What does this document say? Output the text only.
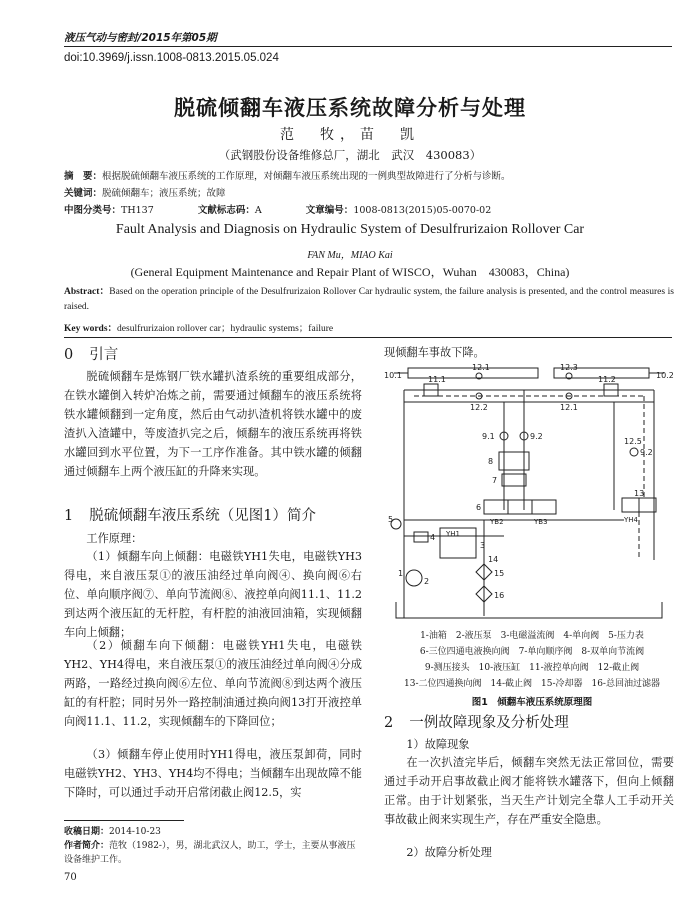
液压气动与密封/2015年第05期
doi:10.3969/j.issn.1008-0813.2015.05.024
脱硫倾翻车液压系统故障分析与处理
范　牧，苗　凯
（武钢股份设备维修总厂，湖北　武汉　430083）
摘　要：根据脱硫倾翻车液压系统的工作原理，对倾翻车液压系统出现的一例典型故障进行了分析与诊断。
关键词：脱硫倾翻车；液压系统；故障
中图分类号：TH137	文献标志码：A	文章编号：1008-0813(2015)05-0070-02
Fault Analysis and Diagnosis on Hydraulic System of Desulfrurizaion Rollover Car
FAN Mu，MIAO Kai
(General Equipment Maintenance and Repair Plant of WISCO，Wuhan　430083，China)
Abstract：Based on the operation principle of the Desulfrurizaion Rollover Car hydraulic system, the failure analysis is presented, and the control measures is raised.
Key words：desulfrurizaion rollover car；hydraulic systems；failure
0 引言
脱硫倾翻车是炼钢厂铁水罐扒渣系统的重要组成部分，在铁水罐倒入转炉冶炼之前，需要通过倾翻车的液压系统将铁水罐倾翻到一定角度，然后由气动扒渣机将铁水罐中的废渣扒入渣罐中，等废渣扒完之后，倾翻车的液压系统再将铁水罐回到水平位置，为下一工序作准备。其中铁水罐的倾翻通过倾翻车上两个液压缸的升降来实现。
1 脱硫倾翻车液压系统（见图1）简介
工作原理：
（1）倾翻车向上倾翻：电磁铁YH1失电，电磁铁YH3得电，来自液压泵①的液压油经过单向阀④、换向阀⑥右位、单向顺序阀⑦、单向节流阀⑧、液控单向阀11.1、11.2到达两个液压缸的无杆腔，有杆腔的油液回油箱，实现倾翻车向上倾翻；
（2）倾翻车向下倾翻：电磁铁YH1失电，电磁铁YH2、YH4得电，来自液压泵①的液压油经过单向阀④分成两路，一路经过换向阀⑥左位、单向节流阀⑧到达两个液压缸的有杆腔；同时另外一路控制油通过换向阀13打开液控单向阀11.1、11.2，实现倾翻车的下降回位；
（3）倾翻车停止使用时YH1得电，液压泵卸荷，同时电磁铁YH2、YH3、YH4均不得电；当倾翻车出现故障不能下降时，可以通过手动开启常闭截止阀12.5，实
收稿日期：2014-10-23
作者简介：范牧（1982-），男，湖北武汉人，助工，学士，主要从事液压设备维护工作。
70
现倾翻车事故下降。
10.1	10.2
11.1	11.2
12.1	12.3
12.2	12.1
12.5
9.1	9.2
9.2
8
7
6
5
4
3
2
1
13
14
15
16
YB2	YB3	YH4
YH1
1-油箱　2-液压泵　3-电磁溢流阀　4-单向阀　5-压力表
6-三位四通电液换向阀　7-单向顺序阀　8-双单向节流阀
9-测压接头　10-液压缸　11-液控单向阀　12-截止阀
13-二位四通换向阀　14-截止阀　15-冷却器　16-总回油过滤器
图1　倾翻车液压系统原理图
2 一例故障现象及分析处理
1）故障现象
在一次扒渣完毕后，倾翻车突然无法正常回位，需要通过手动开启事故截止阀才能将铁水罐落下，但向上倾翻正常。由于计划紧张，当天生产计划完全靠人工手动开关事故截止阀来实现生产，存在严重安全隐患。
2）故障分析处理
